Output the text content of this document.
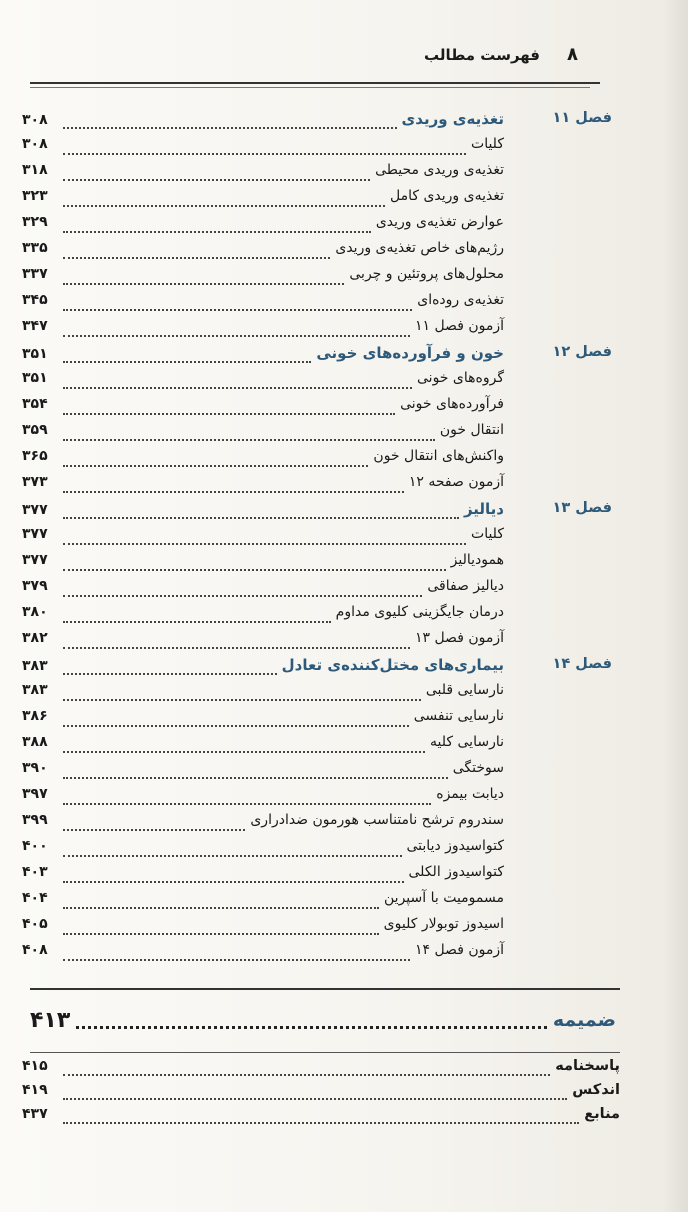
۸
فهرست مطالب
فصل ۱۱
تغذیه‌ی وریدی
۳۰۸
کلیات
۳۰۸
تغذیه‌ی وریدی محیطی
۳۱۸
تغذیه‌ی وریدی کامل
۳۲۳
عوارض تغذیه‌ی وریدی
۳۲۹
رژیم‌های خاص تغذیه‌ی وریدی
۳۳۵
محلول‌های پروتئین و چربی
۳۳۷
تغذیه‌ی روده‌ای
۳۴۵
آزمون فصل ۱۱
۳۴۷
فصل ۱۲
خون و فرآورده‌های خونی
۳۵۱
گروه‌های خونی
۳۵۱
فرآورده‌های خونی
۳۵۴
انتقال خون
۳۵۹
واکنش‌های انتقال خون
۳۶۵
آزمون صفحه ۱۲
۳۷۳
فصل ۱۳
دیالیز
۳۷۷
کلیات
۳۷۷
همودیالیز
۳۷۷
دیالیز صفاقی
۳۷۹
درمان جایگزینی کلیوی مداوم
۳۸۰
آزمون فصل ۱۳
۳۸۲
فصل ۱۴
بیماری‌های مختل‌کننده‌ی تعادل
۳۸۳
نارسایی قلبی
۳۸۳
نارسایی تنفسی
۳۸۶
نارسایی کلیه
۳۸۸
سوختگی
۳۹۰
دیابت بیمزه
۳۹۷
سندروم ترشح نامتناسب هورمون ضدادراری
۳۹۹
کتواسیدوز دیابتی
۴۰۰
کتواسیدوز الکلی
۴۰۳
مسمومیت با آسپرین
۴۰۴
اسیدوز توبولار کلیوی
۴۰۵
آزمون فصل ۱۴
۴۰۸
ضمیمه
۴۱۳
پاسخنامه
۴۱۵
اندکس
۴۱۹
منابع
۴۳۷
